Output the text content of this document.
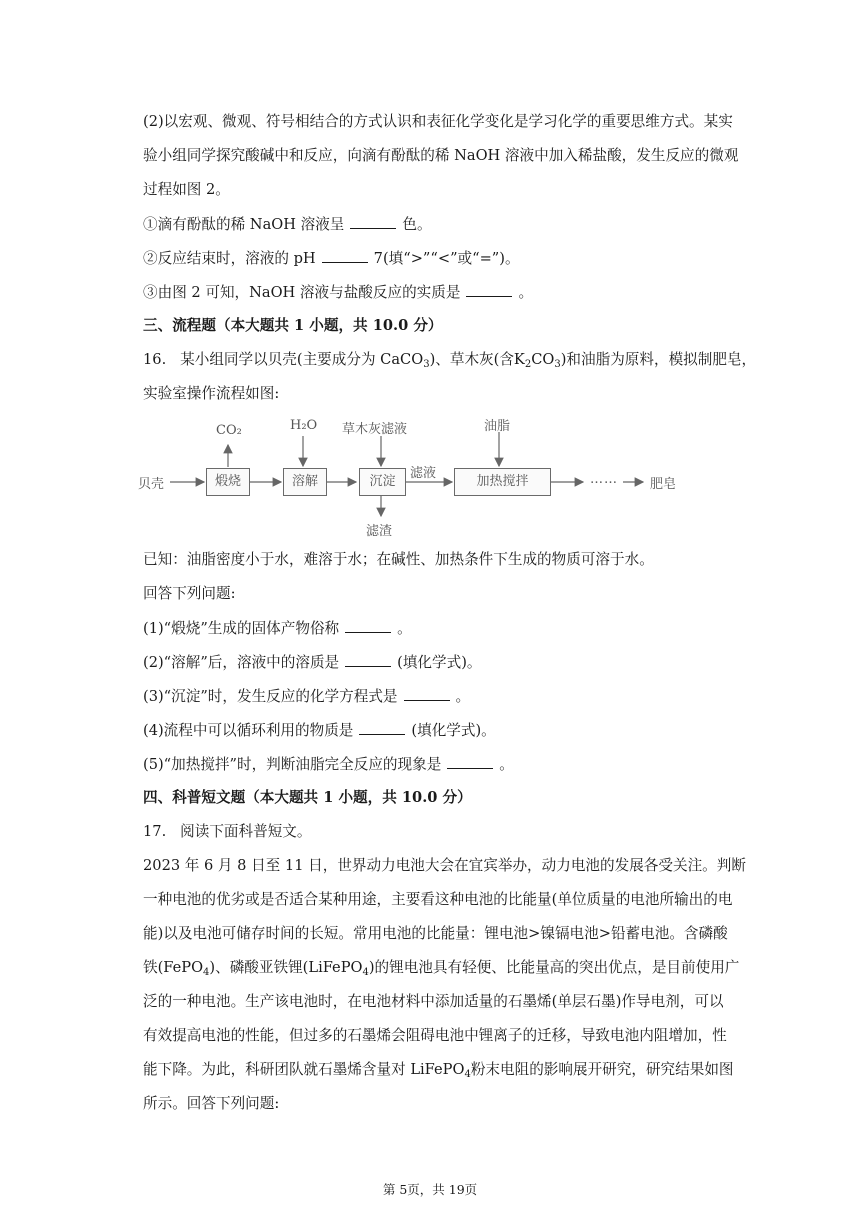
(2)以宏观、微观、符号相结合的方式认识和表征化学变化是学习化学的重要思维方式。某实
验小组同学探究酸碱中和反应，向滴有酚酞的稀 NaOH 溶液中加入稀盐酸，发生反应的微观
过程如图 2。
①滴有酚酞的稀 NaOH 溶液呈	色。
②反应结束时，溶液的 pH	7(填“>”“<”或“=”)。
③由图 2 可知，NaOH 溶液与盐酸反应的实质是	。
三、流程题（本大题共 1 小题，共 10.0 分）
16.   某小组同学以贝壳(主要成分为 CaCO$_3$)、草木灰(含$K_2CO_3$)和油脂为原料，模拟制肥皂，
实验室操作流程如图:
贝壳	煅烧	溶解	沉淀	加热搅拌
CO₂	H₂O 草木灰滤液	油脂
滤液
滤渣
…… 肥皂
已知：油脂密度小于水，难溶于水；在碱性、加热条件下生成的物质可溶于水。
回答下列问题:
(1)“煅烧”生成的固体产物俗称	。
(2)“溶解”后，溶液中的溶质是	(填化学式)。
(3)“沉淀”时，发生反应的化学方程式是	。
(4)流程中可以循环利用的物质是	(填化学式)。
(5)“加热搅拌”时，判断油脂完全反应的现象是	。
四、科普短文题（本大题共 1 小题，共 10.0 分）
17.   阅读下面科普短文。
2023 年 6 月 8 日至 11 日，世界动力电池大会在宜宾举办，动力电池的发展各受关注。判断
一种电池的优劣或是否适合某种用途，主要看这种电池的比能量(单位质量的电池所输出的电
能)以及电池可储存时间的长短。常用电池的比能量：锂电池>镍镉电池>铅蓄电池。含磷酸
铁(FePO$_4$)、磷酸亚铁锂(LiFePO$_4$)的锂电池具有轻便、比能量高的突出优点，是目前使用广
泛的一种电池。生产该电池时，在电池材料中添加适量的石墨烯(单层石墨)作导电剂，可以
有效提高电池的性能，但过多的石墨烯会阻碍电池中锂离子的迁移，导致电池内阻增加，性
能下降。为此，科研团队就石墨烯含量对 LiFePO$_4$粉末电阻的影响展开研究，研究结果如图
所示。回答下列问题:
第 5页，共 19页
